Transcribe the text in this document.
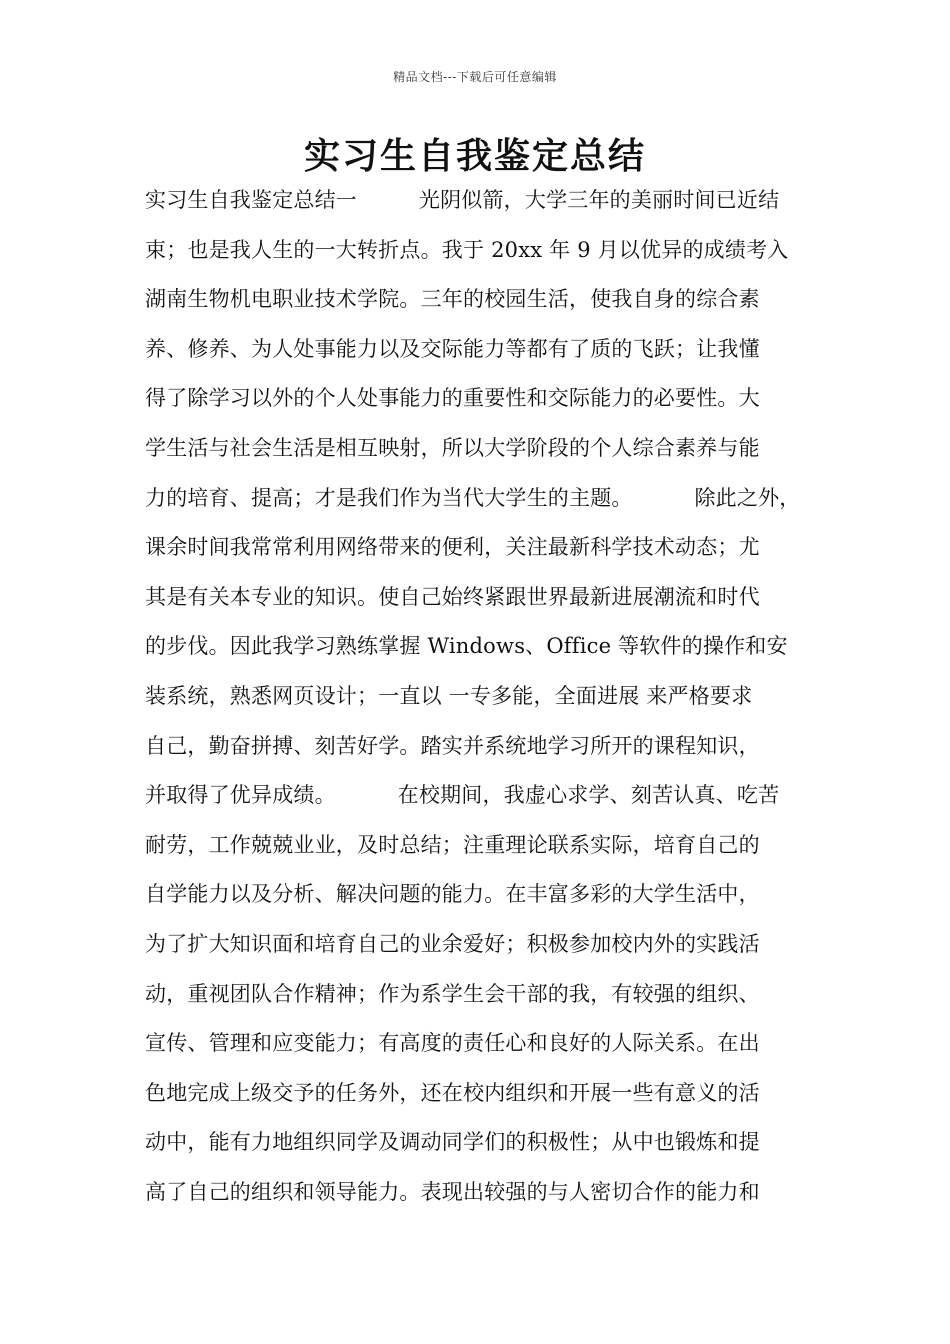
精品文档---下载后可任意编辑
实习生自我鉴定总结
实习生自我鉴定总结一         光阴似箭，大学三年的美丽时间已近结
束；也是我人生的一大转折点。我于 20xx 年 9 月以优异的成绩考入
湖南生物机电职业技术学院。三年的校园生活，使我自身的综合素
养、修养、为人处事能力以及交际能力等都有了质的飞跃；让我懂
得了除学习以外的个人处事能力的重要性和交际能力的必要性。大
学生活与社会生活是相互映射，所以大学阶段的个人综合素养与能
力的培育、提高；才是我们作为当代大学生的主题。         除此之外，
课余时间我常常利用网络带来的便利，关注最新科学技术动态；尤
其是有关本专业的知识。使自己始终紧跟世界最新进展潮流和时代
的步伐。因此我学习熟练掌握 Windows、Office 等软件的操作和安
装系统，熟悉网页设计；一直以 一专多能，全面进展 来严格要求
自己，勤奋拼搏、刻苦好学。踏实并系统地学习所开的课程知识，
并取得了优异成绩。         在校期间，我虚心求学、刻苦认真、吃苦
耐劳，工作兢兢业业，及时总结；注重理论联系实际，培育自己的
自学能力以及分析、解决问题的能力。在丰富多彩的大学生活中，
为了扩大知识面和培育自己的业余爱好；积极参加校内外的实践活
动，重视团队合作精神；作为系学生会干部的我，有较强的组织、
宣传、管理和应变能力；有高度的责任心和良好的人际关系。在出
色地完成上级交予的任务外，还在校内组织和开展一些有意义的活
动中，能有力地组织同学及调动同学们的积极性；从中也锻炼和提
高了自己的组织和领导能力。表现出较强的与人密切合作的能力和
